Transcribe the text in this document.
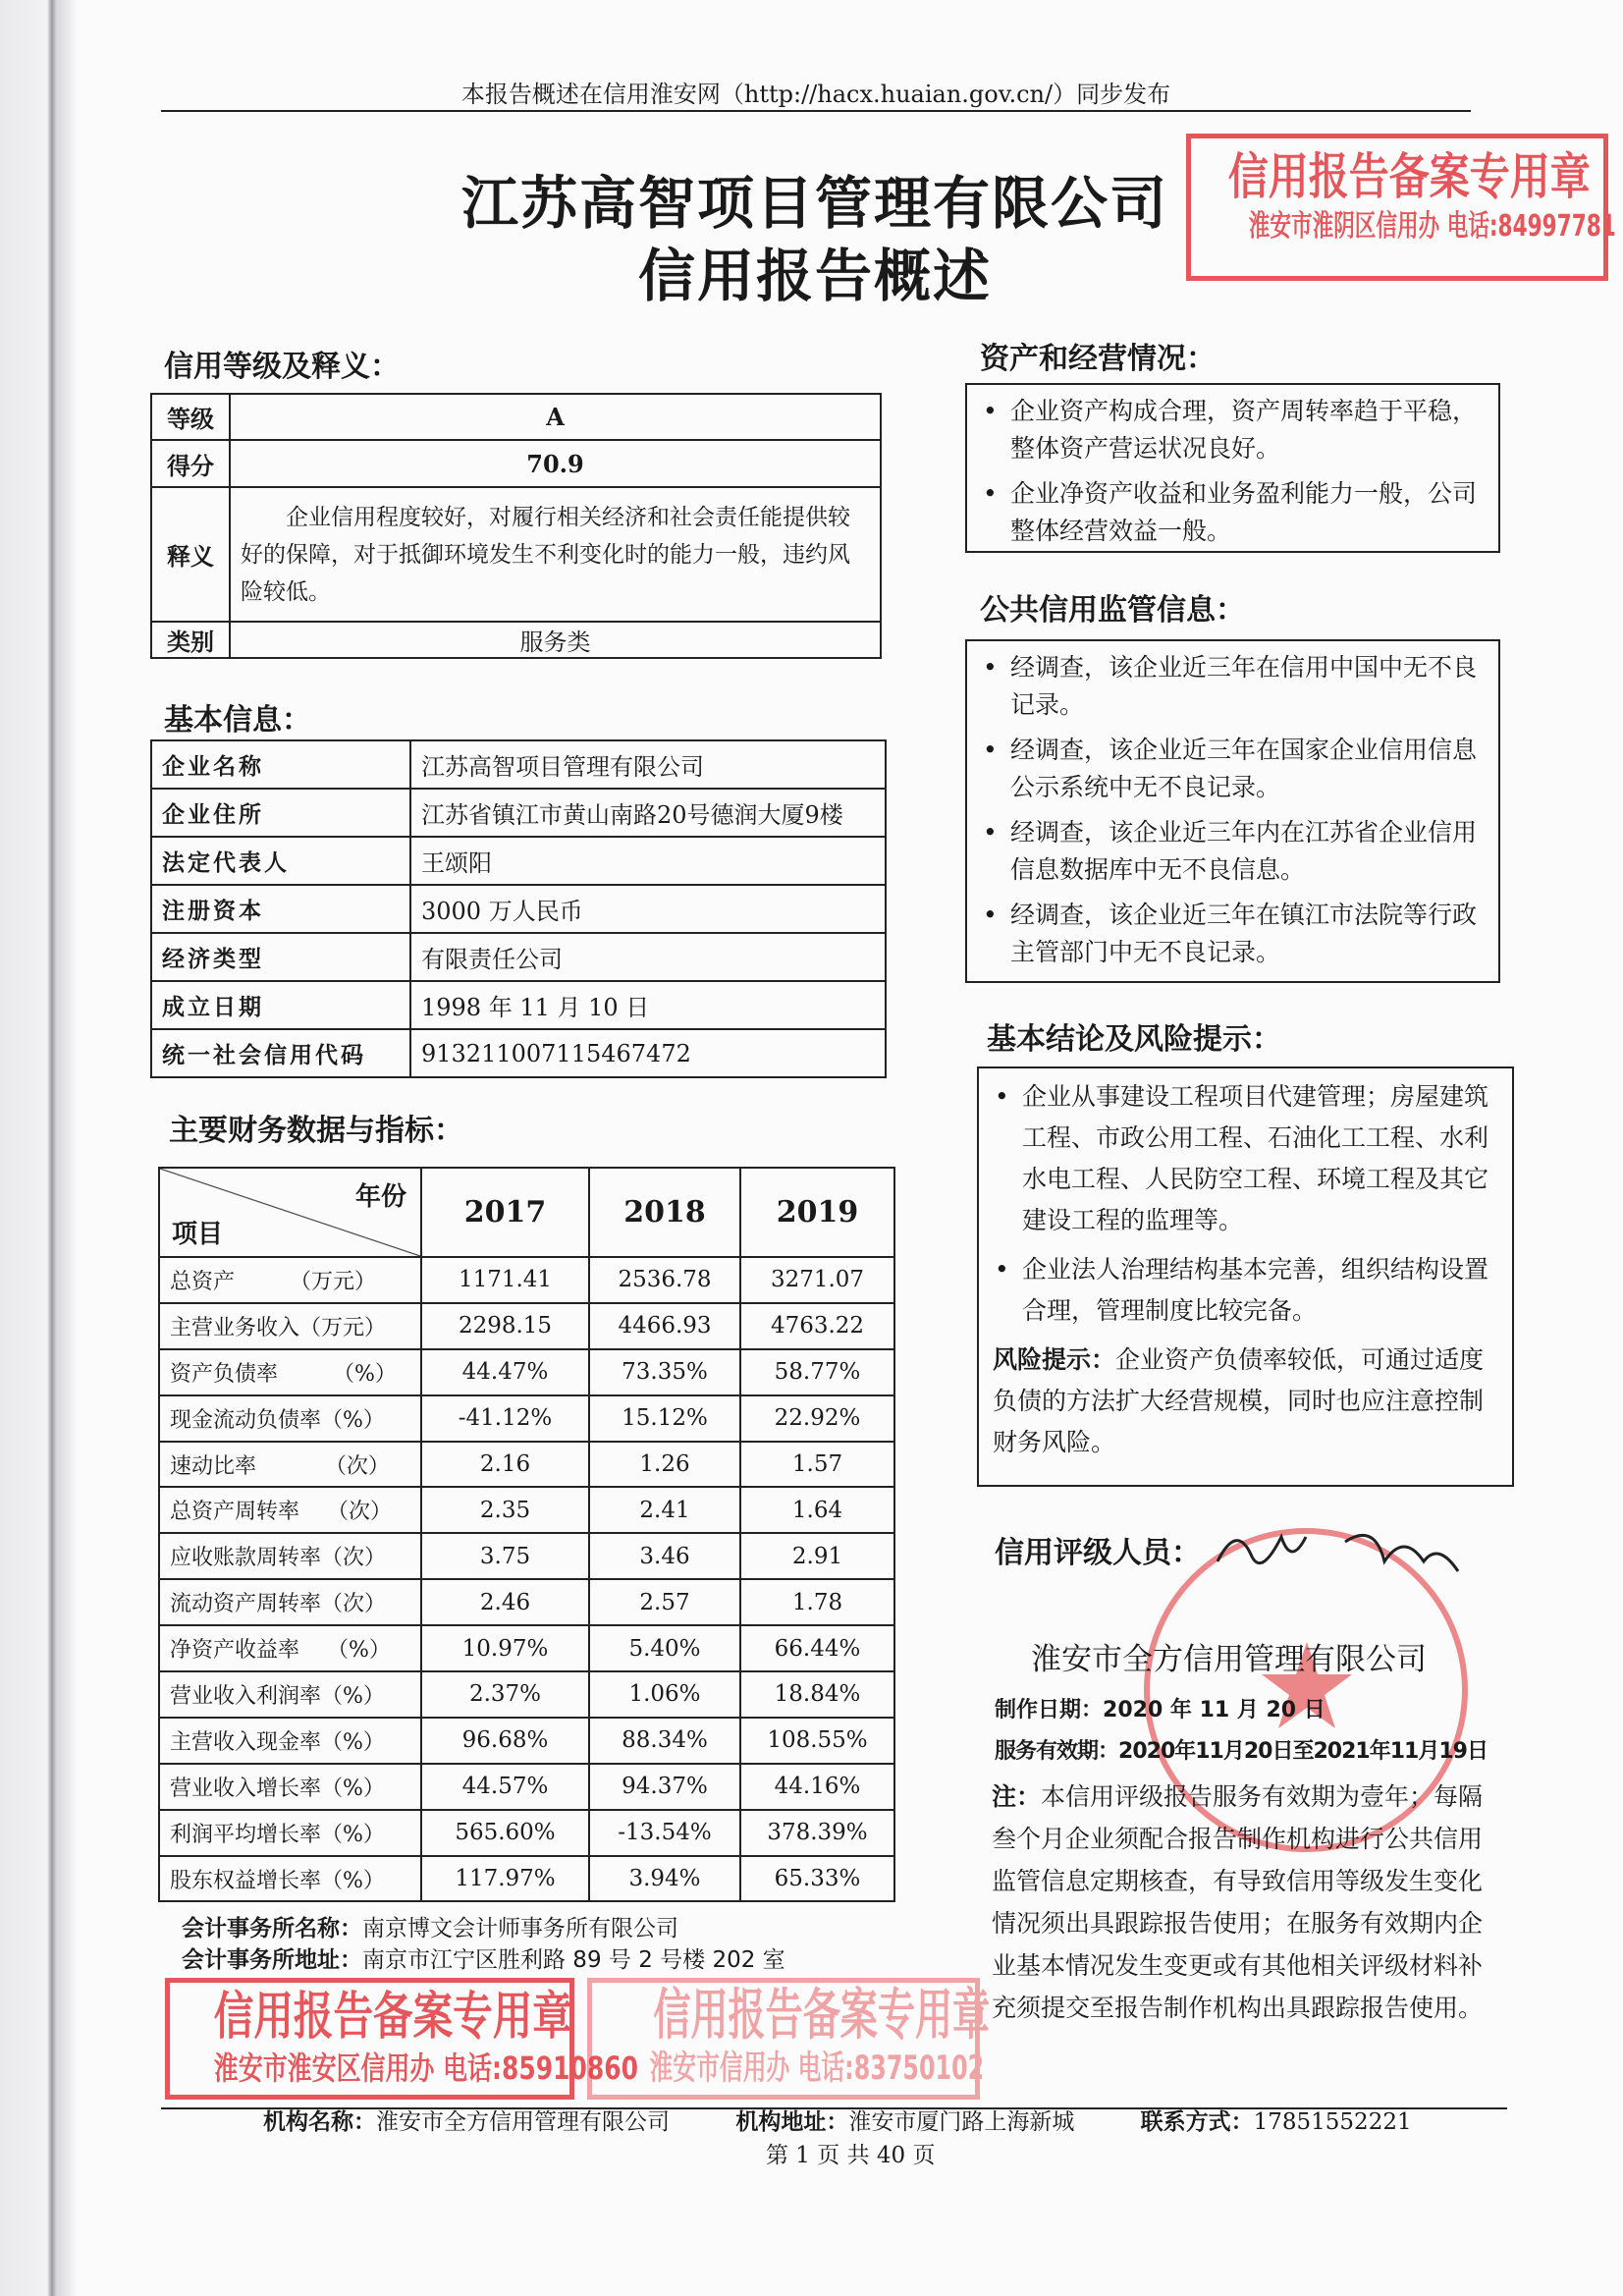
本报告概述在信用淮安网（http://hacx.huaian.gov.cn/）同步发布
江苏高智项目管理有限公司
信用报告概述
信用等级及释义：
等级	A
得分	70.9
释义	企业信用程度较好，对履行相关经济和社会责任能提供较好的保障，对于抵御环境发生不利变化时的能力一般，违约风险较低。
类别	服务类
基本信息：
企业名称	江苏高智项目管理有限公司
企业住所	江苏省镇江市黄山南路20号德润大厦9楼
法定代表人	王颂阳
注册资本	3000 万人民币
经济类型	有限责任公司
成立日期	1998 年 11 月 10 日
统一社会信用代码	913211007115467472
主要财务数据与指标：
年份
项目	2017	2018	2019
总资产        （万元）	1171.41	2536.78	3271.07
主营业务收入（万元）	2298.15	4466.93	4763.22
资产负债率        （%）	44.47%	73.35%	58.77%
现金流动负债率（%）	-41.12%	15.12%	22.92%
速动比率          （次）	2.16	1.26	1.57
总资产周转率    （次）	2.35	2.41	1.64
应收账款周转率（次）	3.75	3.46	2.91
流动资产周转率（次）	2.46	2.57	1.78
净资产收益率    （%）	10.97%	5.40%	66.44%
营业收入利润率（%）	2.37%	1.06%	18.84%
主营收入现金率（%）	96.68%	88.34%	108.55%
营业收入增长率（%）	44.57%	94.37%	44.16%
利润平均增长率（%）	565.60%	-13.54%	378.39%
股东权益增长率（%）	117.97%	3.94%	65.33%
会计事务所名称：南京博文会计师事务所有限公司
会计事务所地址：南京市江宁区胜利路 89 号 2 号楼 202 室
资产和经营情况：
• 企业资产构成合理，资产周转率趋于平稳，整体资产营运状况良好。
• 企业净资产收益和业务盈利能力一般，公司整体经营效益一般。
公共信用监管信息：
• 经调查，该企业近三年在信用中国中无不良记录。
• 经调查，该企业近三年在国家企业信用信息公示系统中无不良记录。
• 经调查，该企业近三年内在江苏省企业信用信息数据库中无不良信息。
• 经调查，该企业近三年在镇江市法院等行政主管部门中无不良记录。
基本结论及风险提示：
• 企业从事建设工程项目代建管理；房屋建筑工程、市政公用工程、石油化工工程、水利水电工程、人民防空工程、环境工程及其它建设工程的监理等。
• 企业法人治理结构基本完善，组织结构设置合理，管理制度比较完备。
风险提示：企业资产负债率较低，可通过适度负债的方法扩大经营规模，同时也应注意控制财务风险。
信用评级人员：
淮安市全方信用管理有限公司
制作日期：2020 年 11 月 20 日
服务有效期：2020年11月20日至2021年11月19日
注：本信用评级报告服务有效期为壹年；每隔叁个月企业须配合报告制作机构进行公共信用监管信息定期核查，有导致信用等级发生变化情况须出具跟踪报告使用；在服务有效期内企业基本情况发生变更或有其他相关评级材料补充须提交至报告制作机构出具跟踪报告使用。
信用报告备案专用章
淮安市淮阴区信用办 电话:84997781
信用报告备案专用章
淮安市淮安区信用办 电话:85910860
信用报告备案专用章
淮安市信用办 电话:83750102
机构名称：淮安市全方信用管理有限公司	机构地址：淮安市厦门路上海新城	联系方式：17851552221
第 1 页 共 40 页
